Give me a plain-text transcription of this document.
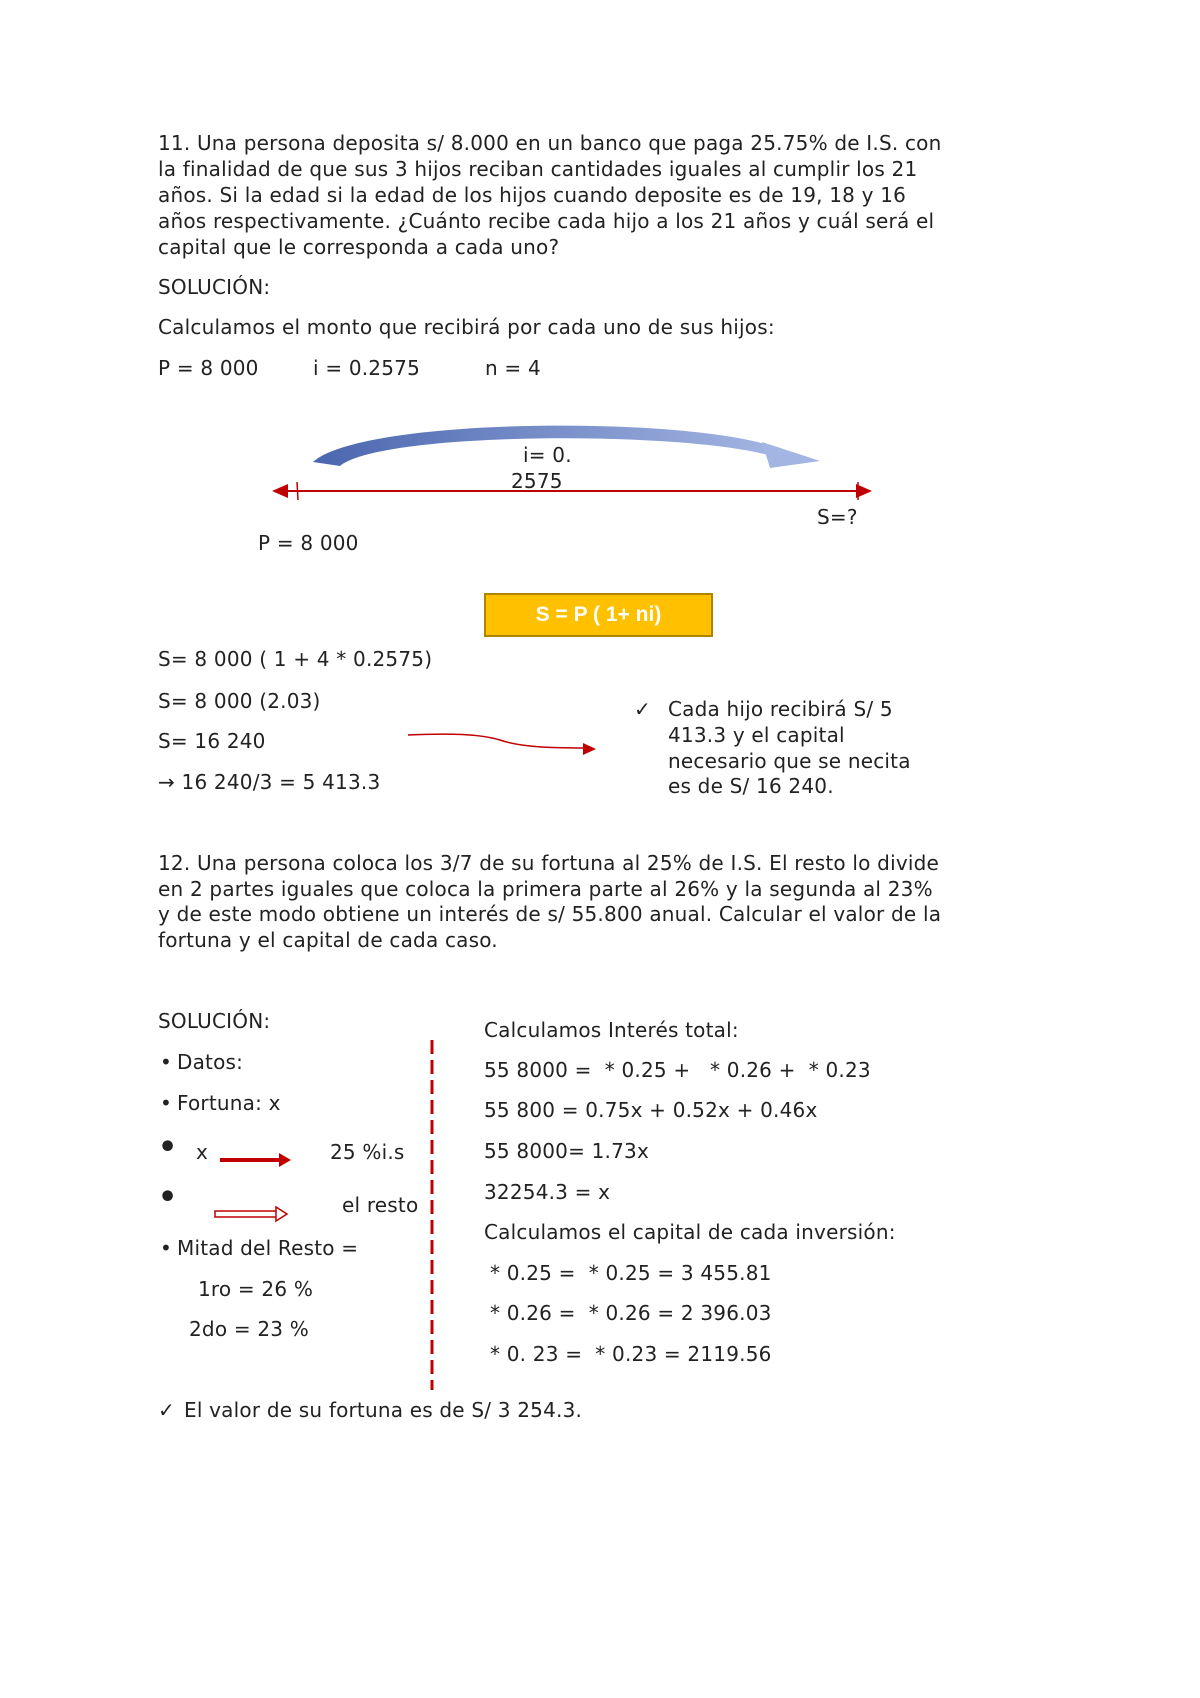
11. Una persona deposita s/ 8.000 en un banco que paga 25.75% de I.S. con
la finalidad de que sus 3 hijos reciban cantidades iguales al cumplir los 21
años. Si la edad si la edad de los hijos cuando deposite es de 19, 18 y 16
años respectivamente. ¿Cuánto recibe cada hijo a los 21 años y cuál será el
capital que le corresponda a cada uno?
SOLUCIÓN:
Calculamos el monto que recibirá por cada uno de sus hijos:
P = 8 000	i = 0.2575	n = 4
i= 0.
2575
S=?
P = 8 000
S = P ( 1+ ni)
S= 8 000 ( 1 + 4 * 0.2575)
S= 8 000 (2.03)
S= 16 240
→ 16 240/3 = 5 413.3
✓ Cada hijo recibirá S/ 5
413.3 y el capital
necesario que se necita
es de S/ 16 240.
12. Una persona coloca los 3/7 de su fortuna al 25% de I.S. El resto lo divide
en 2 partes iguales que coloca la primera parte al 26% y la segunda al 23%
y de este modo obtiene un interés de s/ 55.800 anual. Calcular el valor de la
fortuna y el capital de cada caso.
SOLUCIÓN:
• Datos:
• Fortuna: x
• x	25 %i.s
•	el resto
• Mitad del Resto =
1ro = 26 %
2do = 23 %
Calculamos Interés total:
55 8000 =  * 0.25 +   * 0.26 +  * 0.23
55 800 = 0.75x + 0.52x + 0.46x
55 8000= 1.73x
32254.3 = x
Calculamos el capital de cada inversión:
* 0.25 =  * 0.25 = 3 455.81
* 0.26 =  * 0.26 = 2 396.03
* 0. 23 =  * 0.23 = 2119.56
✓ El valor de su fortuna es de S/ 3 254.3.
